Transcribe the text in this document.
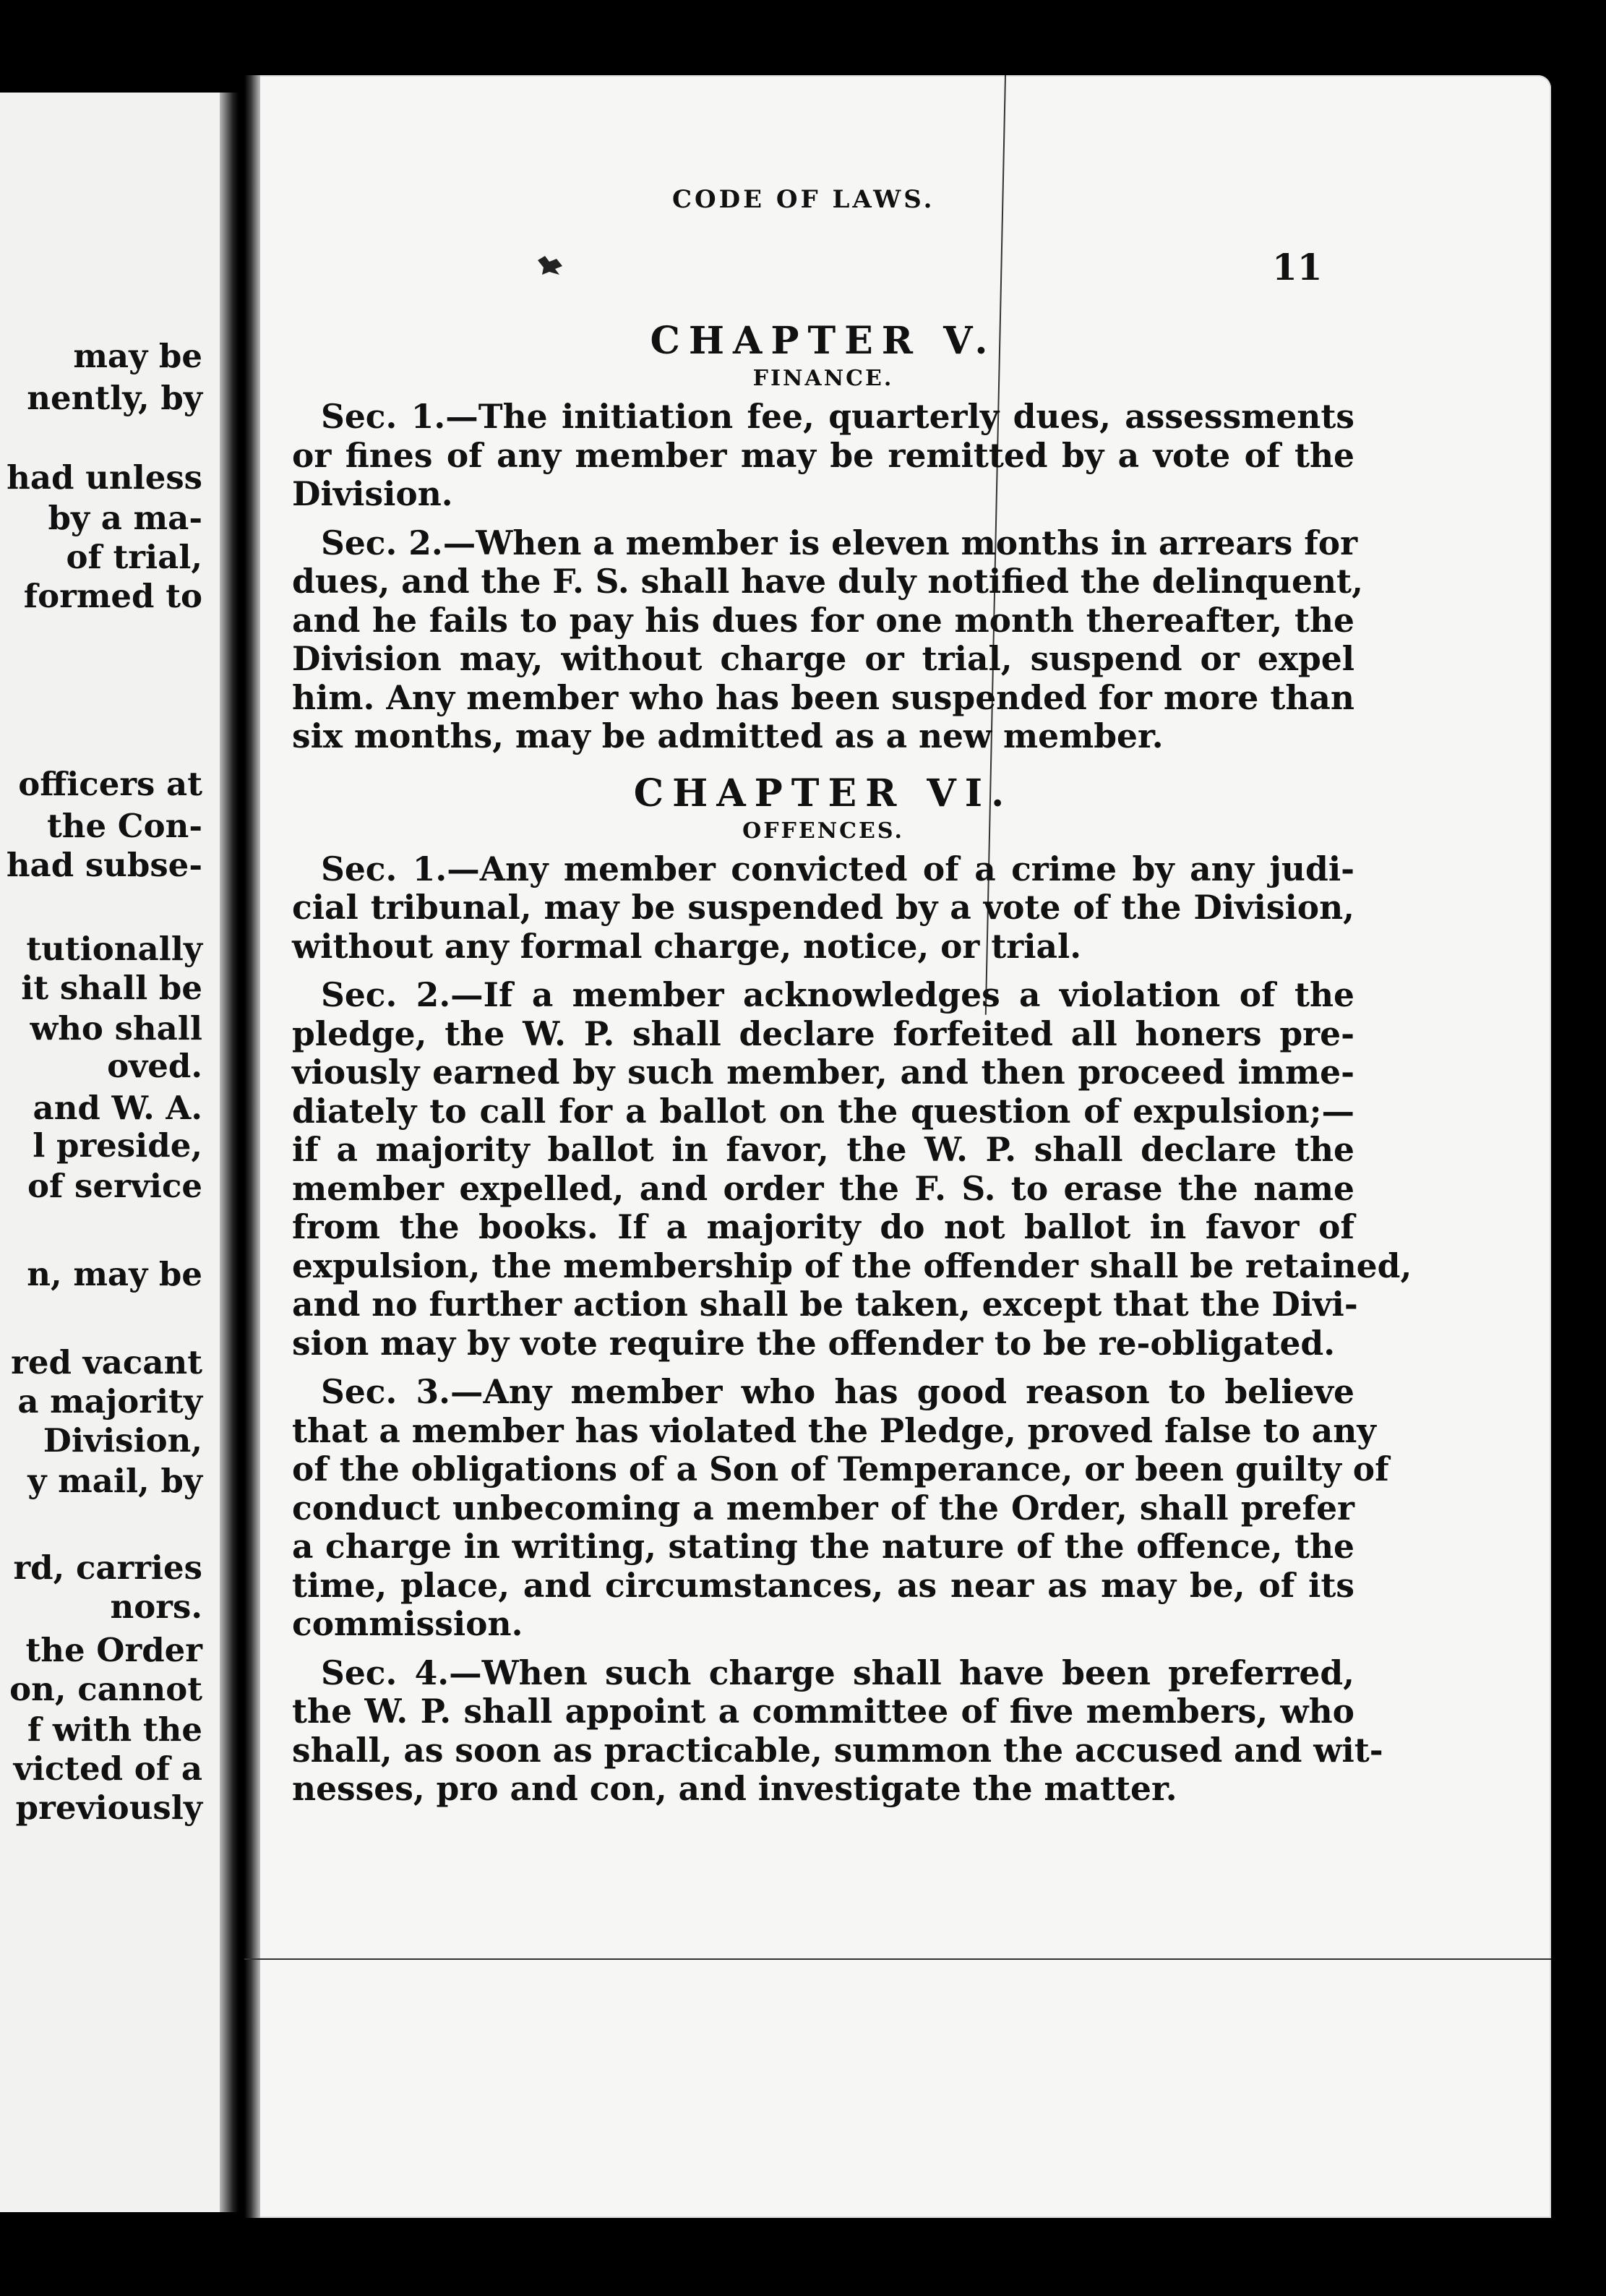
may be

nently, by

had unless

by a ma-

of trial,

formed to

officers at

the Con-

had subse-

tutionally

it shall be

who shall

oved.

and W. A.

l preside,

of service

n, may be

red vacant

a majority

Division,

y mail, by

rd, carries

nors.

the Order

on, cannot

f with the

victed of a

previously

CODE OF LAWS.
11
CHAPTER V.
FINANCE.

Sec. 1.—The initiation fee, quarterly dues, assessments
or fines of any member may be remitted by a vote of the
Division.

Sec. 2.—When a member is eleven months in arrears for
dues, and the F. S. shall have duly notified the delinquent,
and he fails to pay his dues for one month thereafter, the
Division may, without charge or trial, suspend or expel
him. Any member who has been suspended for more than
six months, may be admitted as a new member.

CHAPTER VI.
OFFENCES.

Sec. 1.—Any member convicted of a crime by any judi-
cial tribunal, may be suspended by a vote of the Division,
without any formal charge, notice, or trial.

Sec. 2.—If a member acknowledges a violation of the
pledge, the W. P. shall declare forfeited all honers pre-
viously earned by such member, and then proceed imme-
diately to call for a ballot on the question of expulsion;—
if a majority ballot in favor, the W. P. shall declare the
member expelled, and order the F. S. to erase the name
from the books. If a majority do not ballot in favor of
expulsion, the membership of the offender shall be retained,
and no further action shall be taken, except that the Divi-
sion may by vote require the offender to be re-obligated.

Sec. 3.—Any member who has good reason to believe
that a member has violated the Pledge, proved false to any
of the obligations of a Son of Temperance, or been guilty of
conduct unbecoming a member of the Order, shall prefer
a charge in writing, stating the nature of the offence, the
time, place, and circumstances, as near as may be, of its
commission.

Sec. 4.—When such charge shall have been preferred,
the W. P. shall appoint a committee of five members, who
shall, as soon as practicable, summon the accused and wit-
nesses, pro and con, and investigate the matter.
